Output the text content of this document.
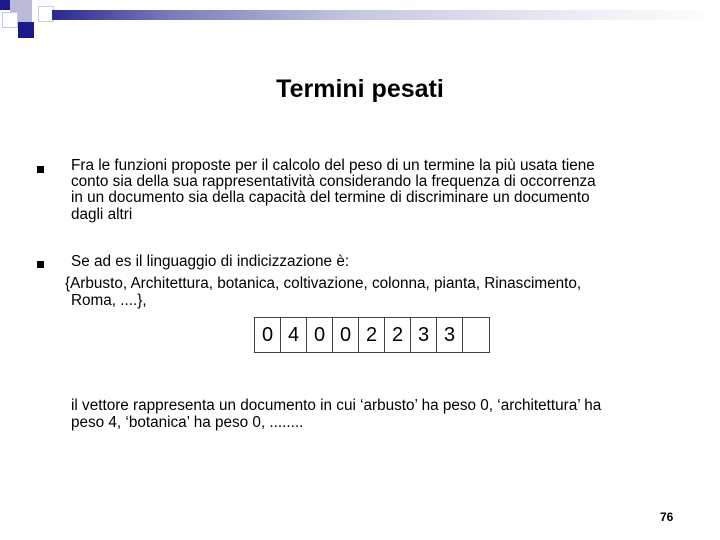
Termini pesati
Fra le funzioni proposte per il calcolo del peso di un termine la più usata tiene
conto sia della sua rappresentatività considerando la frequenza di occorrenza
in un documento sia della capacità del termine di discriminare un documento
dagli altri
Se ad es il linguaggio di indicizzazione è:
{Arbusto, Architettura, botanica, coltivazione, colonna, pianta, Rinascimento,
Roma, ....},
0 4 0 0 2 2 3 3
il vettore rappresenta un documento in cui ‘arbusto’ ha peso 0, ‘architettura’ ha
peso 4, ‘botanica’ ha peso 0, ........
76
